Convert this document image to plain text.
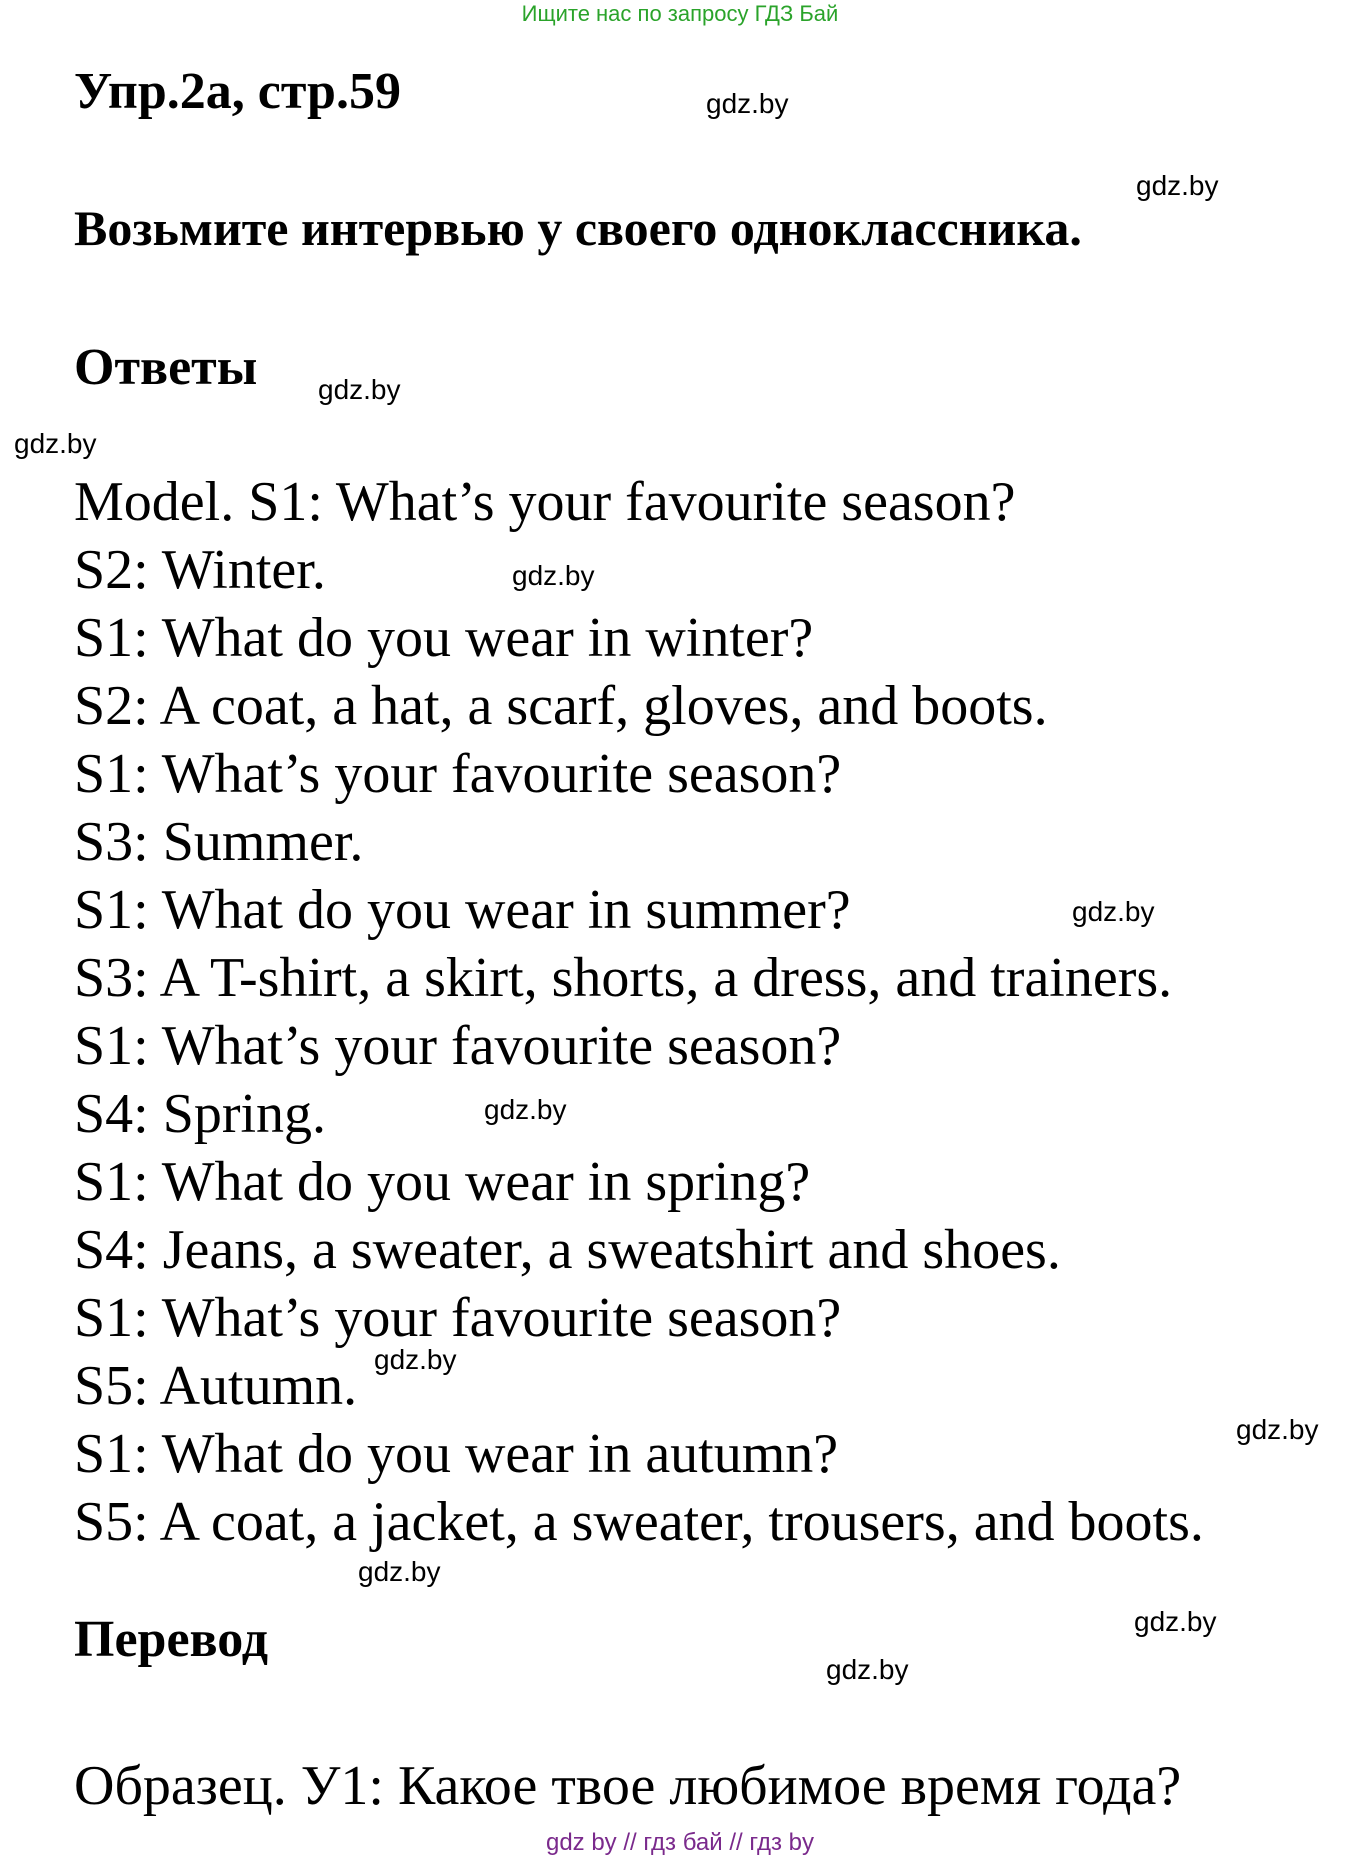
Ищите нас по запросу ГДЗ Бай
Упр.2а, стр.59
Возьмите интервью у своего одноклассника.
Ответы
Model. S1: What’s your favourite season?
S2: Winter.
S1: What do you wear in winter?
S2: A coat, a hat, a scarf, gloves, and boots.
S1: What’s your favourite season?
S3: Summer.
S1: What do you wear in summer?
S3: A T-shirt, a skirt, shorts, a dress, and trainers.
S1: What’s your favourite season?
S4: Spring.
S1: What do you wear in spring?
S4: Jeans, a sweater, a sweatshirt and shoes.
S1: What’s your favourite season?
S5: Autumn.
S1: What do you wear in autumn?
S5: A coat, a jacket, a sweater, trousers, and boots.
Перевод
Образец. У1: Какое твое любимое время года?
gdz.by
gdz.by
gdz.by
gdz.by
gdz.by
gdz.by
gdz.by
gdz.by
gdz.by
gdz.by
gdz.by
gdz.by
gdz by // гдз бай // гдз by
